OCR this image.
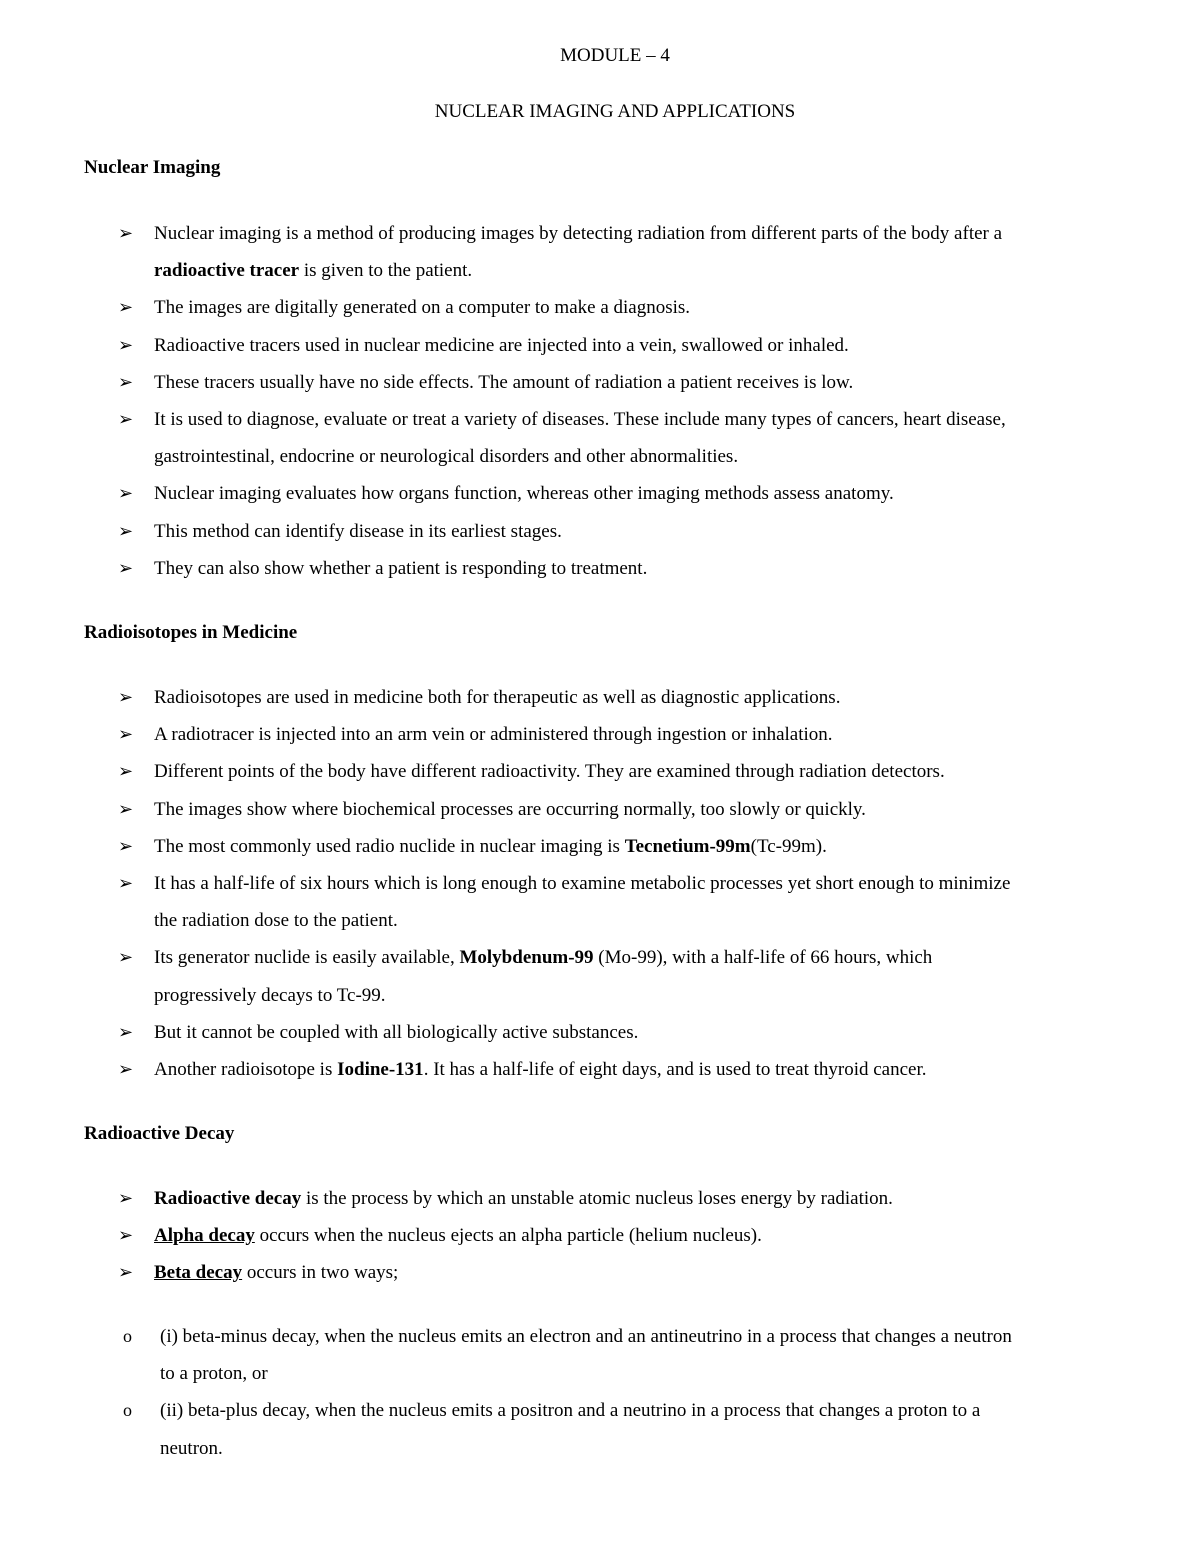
MODULE – 4
NUCLEAR IMAGING AND APPLICATIONS
Nuclear Imaging
➢ Nuclear imaging is a method of producing images by detecting radiation from different parts of the body after a
radioactive tracer is given to the patient.
➢ The images are digitally generated on a computer to make a diagnosis.
➢ Radioactive tracers used in nuclear medicine are injected into a vein, swallowed or inhaled.
➢ These tracers usually have no side effects. The amount of radiation a patient receives is low.
➢ It is used to diagnose, evaluate or treat a variety of diseases. These include many types of cancers, heart disease,
gastrointestinal, endocrine or neurological disorders and other abnormalities.
➢ Nuclear imaging evaluates how organs function, whereas other imaging methods assess anatomy.
➢ This method can identify disease in its earliest stages.
➢ They can also show whether a patient is responding to treatment.
Radioisotopes in Medicine
➢ Radioisotopes are used in medicine both for therapeutic as well as diagnostic applications.
➢ A radiotracer is injected into an arm vein or administered through ingestion or inhalation.
➢ Different points of the body have different radioactivity. They are examined through radiation detectors.
➢ The images show where biochemical processes are occurring normally, too slowly or quickly.
➢ The most commonly used radio nuclide in nuclear imaging is Tecnetium-99m(Tc-99m).
➢ It has a half-life of six hours which is long enough to examine metabolic processes yet short enough to minimize
the radiation dose to the patient.
➢ Its generator nuclide is easily available, Molybdenum-99 (Mo-99), with a half-life of 66 hours, which
progressively decays to Tc-99.
➢ But it cannot be coupled with all biologically active substances.
➢ Another radioisotope is Iodine-131. It has a half-life of eight days, and is used to treat thyroid cancer.
Radioactive Decay
➢ Radioactive decay is the process by which an unstable atomic nucleus loses energy by radiation.
➢ Alpha decay occurs when the nucleus ejects an alpha particle (helium nucleus).
➢ Beta decay occurs in two ways;
o (i) beta-minus decay, when the nucleus emits an electron and an antineutrino in a process that changes a neutron
to a proton, or
o (ii) beta-plus decay, when the nucleus emits a positron and a neutrino in a process that changes a proton to a
neutron.
